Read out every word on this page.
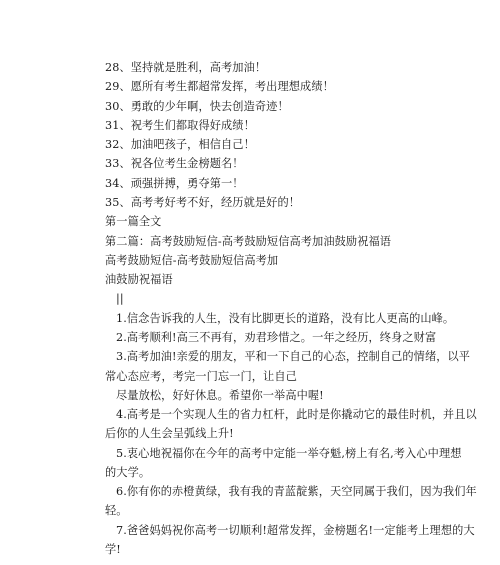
28、坚持就是胜利，高考加油！
29、愿所有考生都超常发挥，考出理想成绩！
30、勇敢的少年啊，快去创造奇迹！
31、祝考生们都取得好成绩！
32、加油吧孩子，相信自己！
33、祝各位考生金榜题名！
34、顽强拼搏，勇夺第一！
35、高考考好考不好，经历就是好的！
第一篇全文
第二篇：高考鼓励短信-高考鼓励短信高考加油鼓励祝福语
高考鼓励短信-高考鼓励短信高考加
油鼓励祝福语
||
1.信念告诉我的人生，没有比脚更长的道路，没有比人更高的山峰。
2.高考顺利!高三不再有，劝君珍惜之。一年之经历，终身之财富
3.高考加油!亲爱的朋友，平和一下自己的心态，控制自己的情绪，以平
常心态应考，考完一门忘一门，让自己
尽量放松，好好休息。希望你一举高中喔!
4.高考是一个实现人生的省力杠杆，此时是你撬动它的最佳时机，并且以
后你的人生会呈弧线上升!
5.衷心地祝福你在今年的高考中定能一举夺魁,榜上有名,考入心中理想
的大学。
6.你有你的赤橙黄绿，我有我的青蓝靛紫，天空同属于我们，因为我们年
轻。
7.爸爸妈妈祝你高考一切顺利!超常发挥，金榜题名!一定能考上理想的大
学!
